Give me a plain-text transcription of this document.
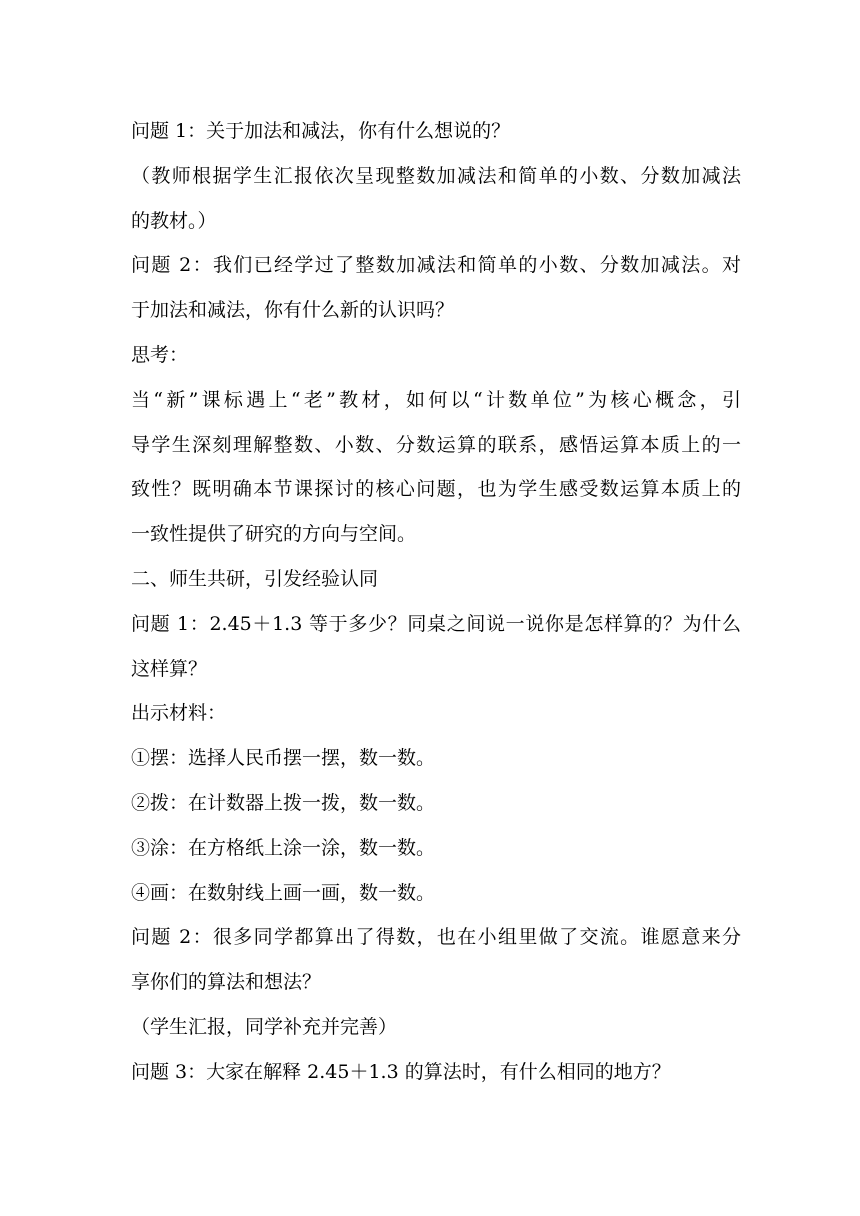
问题 1：关于加法和减法，你有什么想说的？
（教师根据学生汇报依次呈现整数加减法和简单的小数、分数加减法
的教材。）
问题 2：我们已经学过了整数加减法和简单的小数、分数加减法。对
于加法和减法，你有什么新的认识吗？
思考：
当“新”课标遇上“老”教材，如何以“计数单位”为核心概念，引
导学生深刻理解整数、小数、分数运算的联系，感悟运算本质上的一
致性？既明确本节课探讨的核心问题，也为学生感受数运算本质上的
一致性提供了研究的方向与空间。
二、师生共研，引发经验认同
问题 1：2.45＋1.3 等于多少？同桌之间说一说你是怎样算的？为什么
这样算？
出示材料：
①摆：选择人民币摆一摆，数一数。
②拨：在计数器上拨一拨，数一数。
③涂：在方格纸上涂一涂，数一数。
④画：在数射线上画一画，数一数。
问题 2：很多同学都算出了得数，也在小组里做了交流。谁愿意来分
享你们的算法和想法？
（学生汇报，同学补充并完善）
问题 3：大家在解释 2.45＋1.3 的算法时，有什么相同的地方？
